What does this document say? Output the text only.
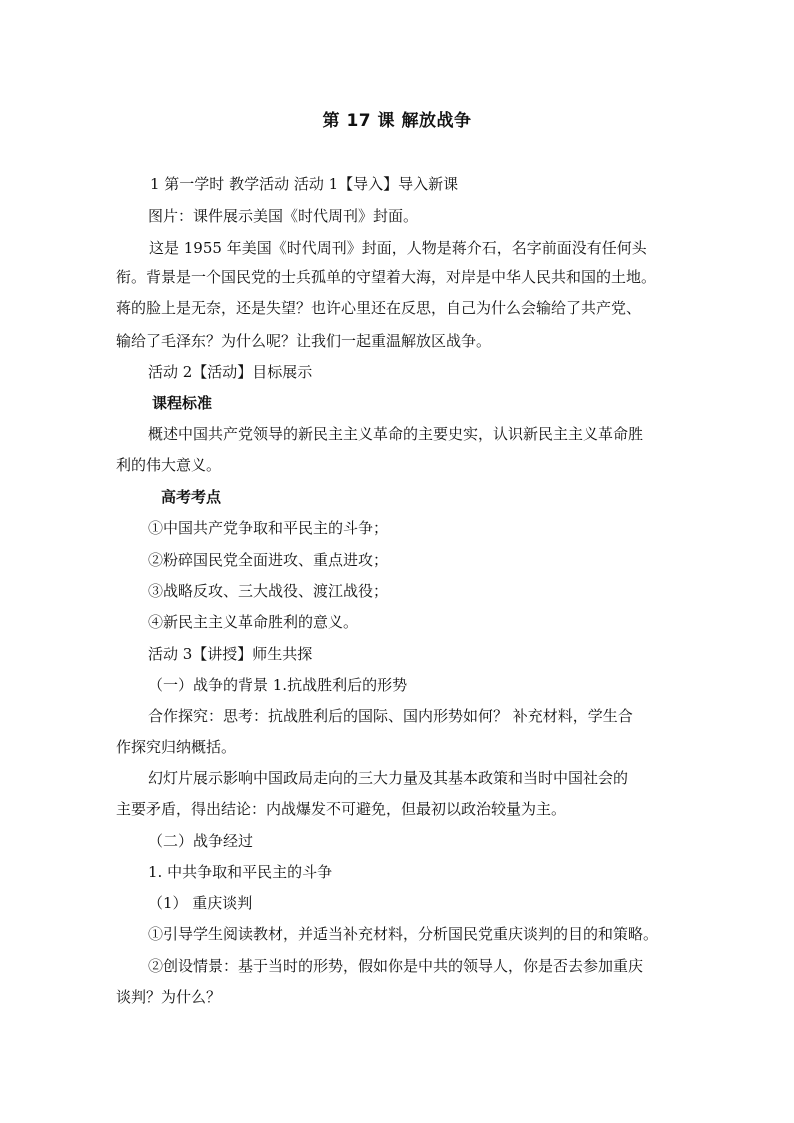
第 17 课 解放战争
1 第一学时 教学活动 活动 1【导入】导入新课
图片：课件展示美国《时代周刊》封面。
这是 1955 年美国《时代周刊》封面，人物是蒋介石，名字前面没有任何头
衔。背景是一个国民党的士兵孤单的守望着大海，对岸是中华人民共和国的土地。
蒋的脸上是无奈，还是失望？也许心里还在反思，自己为什么会输给了共产党、
输给了毛泽东？为什么呢？让我们一起重温解放区战争。
活动 2【活动】目标展示
课程标准
概述中国共产党领导的新民主主义革命的主要史实，认识新民主主义革命胜
利的伟大意义。
高考考点
①中国共产党争取和平民主的斗争；
②粉碎国民党全面进攻、重点进攻；
③战略反攻、三大战役、渡江战役；
④新民主主义革命胜利的意义。
活动 3【讲授】师生共探
（一）战争的背景 1.抗战胜利后的形势
合作探究：思考：抗战胜利后的国际、国内形势如何？ 补充材料，学生合
作探究归纳概括。
幻灯片展示影响中国政局走向的三大力量及其基本政策和当时中国社会的
主要矛盾，得出结论：内战爆发不可避免，但最初以政治较量为主。
（二）战争经过
1. 中共争取和平民主的斗争
（1） 重庆谈判
①引导学生阅读教材，并适当补充材料，分析国民党重庆谈判的目的和策略。
②创设情景：基于当时的形势，假如你是中共的领导人，你是否去参加重庆
谈判？为什么？
